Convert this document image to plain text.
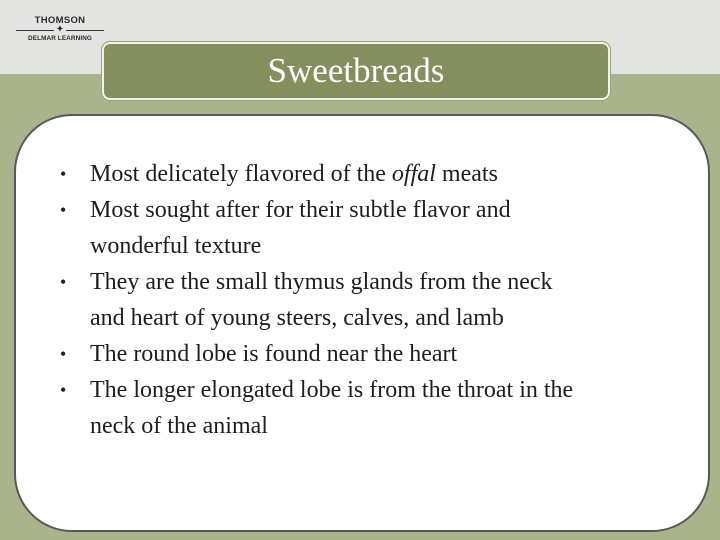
THOMSON
✦
DELMAR LEARNING
Sweetbreads
• Most delicately flavored of the offal meats
• Most sought after for their subtle flavor and
wonderful texture
• They are the small thymus glands from the neck
and heart of young steers, calves, and lamb
• The round lobe is found near the heart
• The longer elongated lobe is from the throat in the
neck of the animal
